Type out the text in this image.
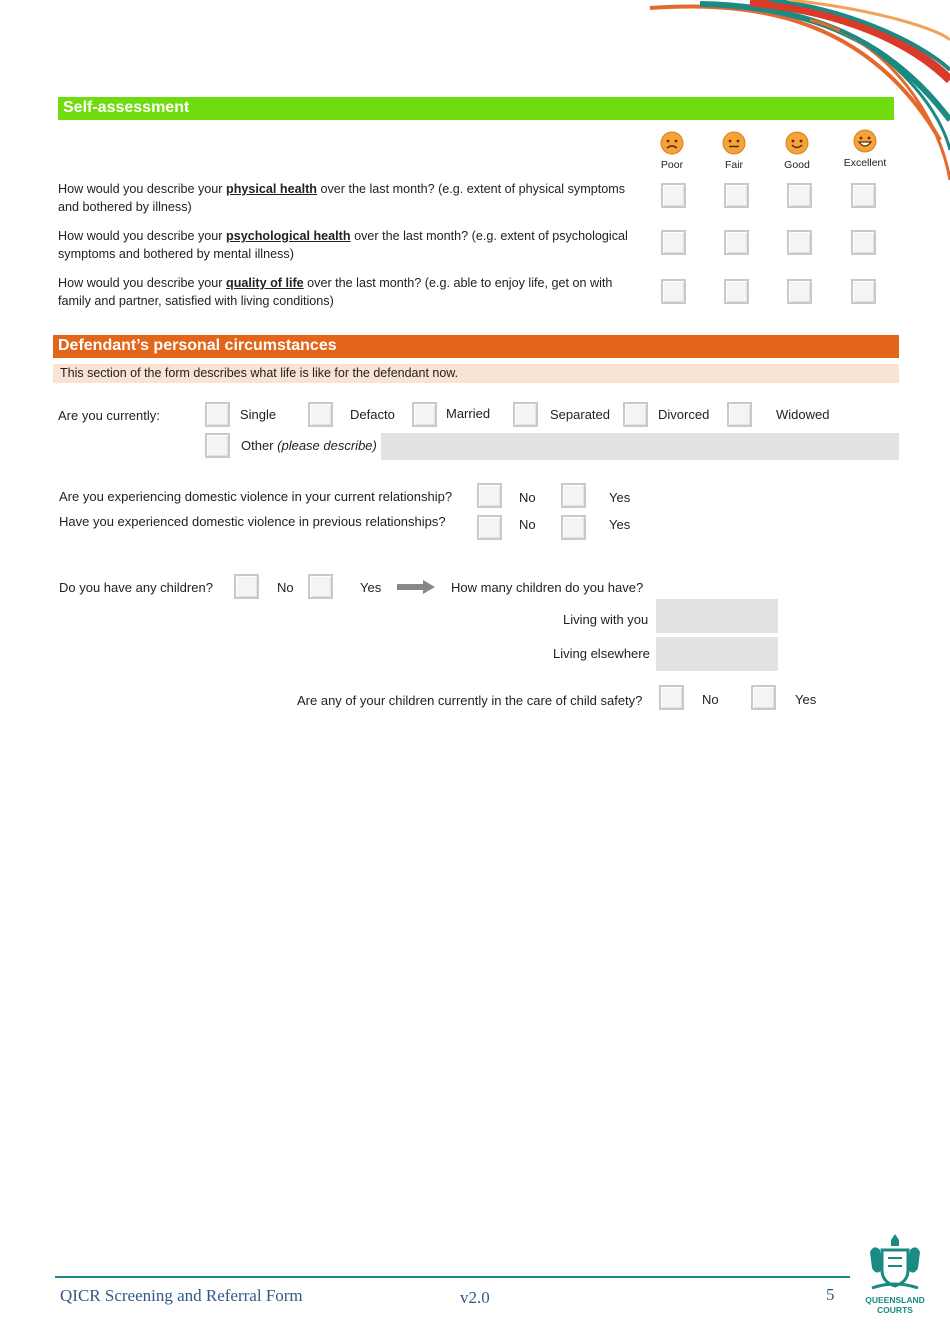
Self-assessment
Poor	Fair	Good	Excellent
How would you describe your physical health over the last month? (e.g. extent of physical symptoms and bothered by illness)
How would you describe your psychological health over the last month? (e.g. extent of psychological symptoms and bothered by mental illness)
How would you describe your quality of life over the last month? (e.g. able to enjoy life, get on with family and partner, satisfied with living conditions)
Defendant’s personal circumstances
This section of the form describes what life is like for the defendant now.
Are you currently:	Single	Defacto	Married	Separated	Divorced	Widowed
Other (please describe)
Are you experiencing domestic violence in your current relationship?	No	Yes
Have you experienced domestic violence in previous relationships?	No	Yes
Do you have any children?	No	Yes	How many children do you have?
Living with you
Living elsewhere
Are any of your children currently in the care of child safety?	No	Yes
QICR Screening and Referral Form	v2.0	5	QUEENSLAND
COURTS
